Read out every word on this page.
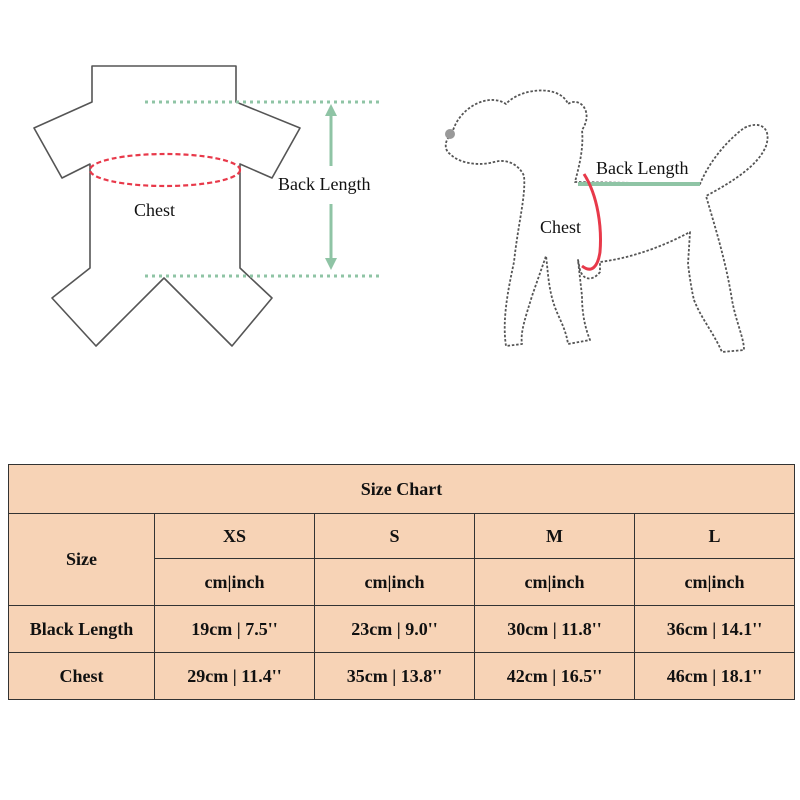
Chest
Back Length
Back Length
Chest
Size Chart				
Size	XS	S	M	L
	cm|inch	cm|inch	cm|inch	cm|inch
Black Length	19cm | 7.5''	23cm | 9.0''	30cm | 11.8''	36cm | 14.1''
Chest	29cm | 11.4''	35cm | 13.8''	42cm | 16.5''	46cm | 18.1''
